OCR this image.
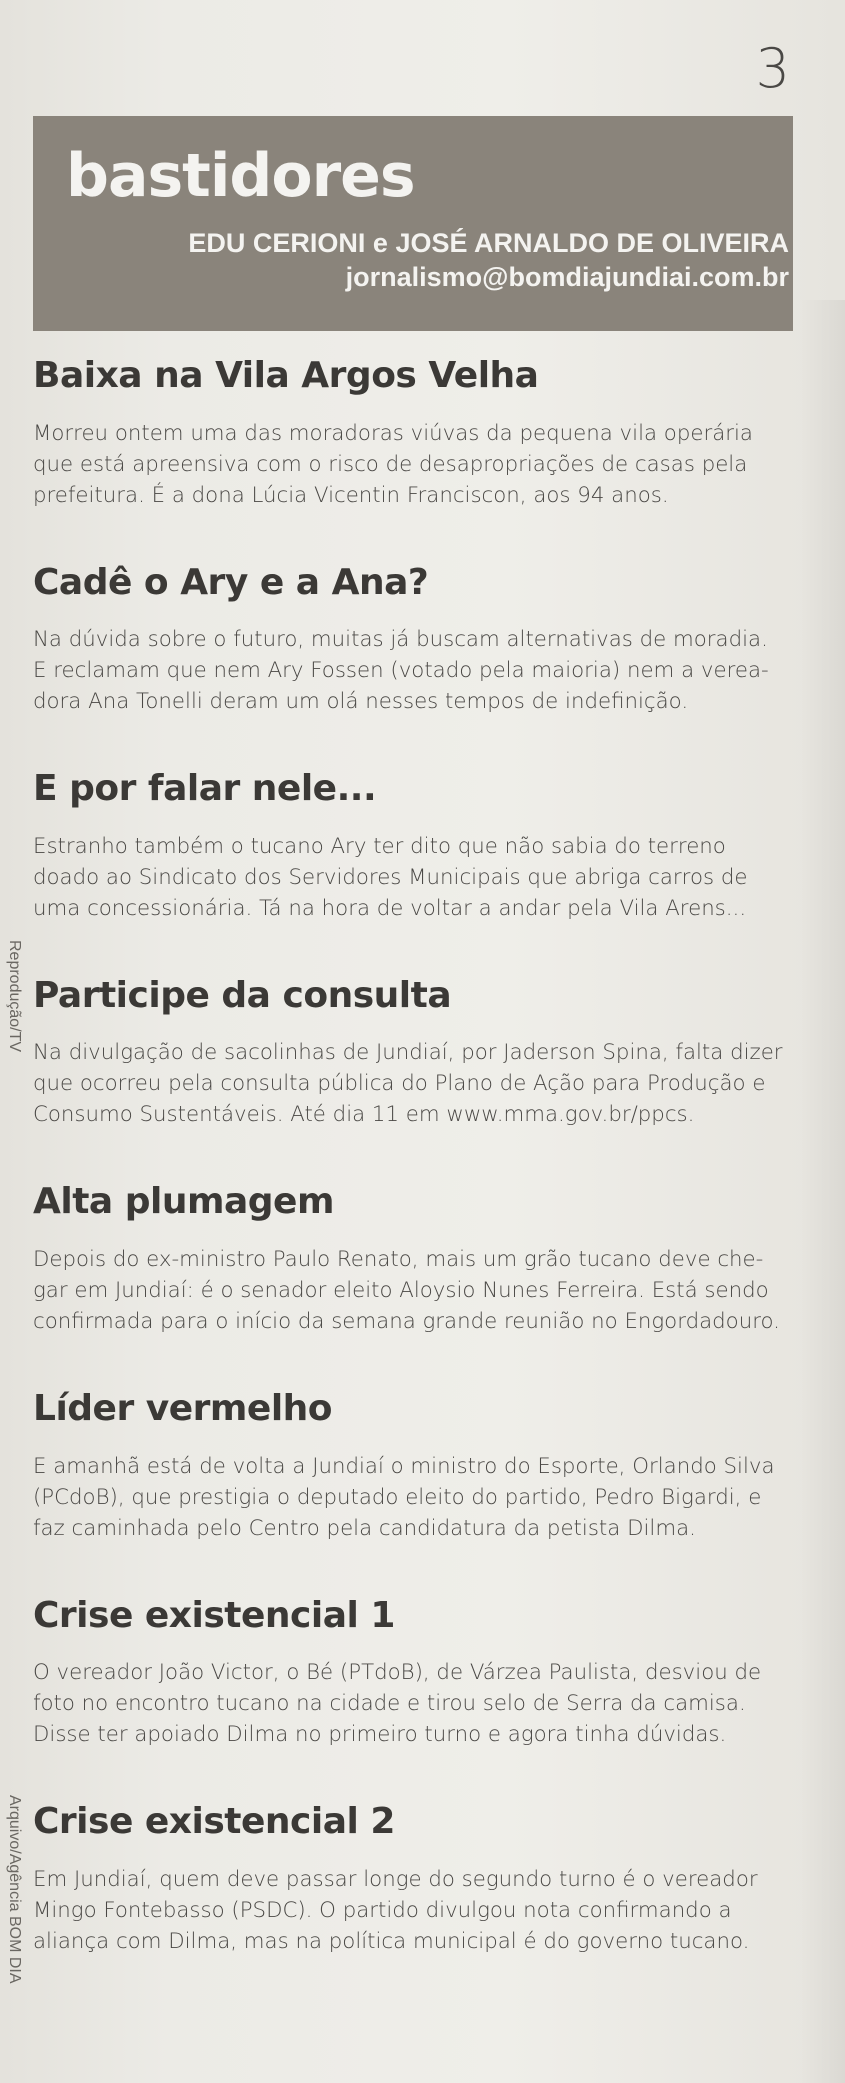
3
bastidores
EDU CERIONI e JOSÉ ARNALDO DE OLIVEIRA
jornalismo@bomdiajundiai.com.br
Reprodução/TV
Arquivo/Agência BOM DIA
Baixa na Vila Argos Velha

Morreu ontem uma das moradoras viúvas da pequena vila operária
que está apreensiva com o risco de desapropriações de casas pela
prefeitura. É a dona Lúcia Vicentin Franciscon, aos 94 anos.

Cadê o Ary e a Ana?

Na dúvida sobre o futuro, muitas já buscam alternativas de moradia.
E reclamam que nem Ary Fossen (votado pela maioria) nem a verea-
dora Ana Tonelli deram um olá nesses tempos de indefinição.

E por falar nele...

Estranho também o tucano Ary ter dito que não sabia do terreno
doado ao Sindicato dos Servidores Municipais que abriga carros de
uma concessionária. Tá na hora de voltar a andar pela Vila Arens...

Participe da consulta

Na divulgação de sacolinhas de Jundiaí, por Jaderson Spina, falta dizer
que ocorreu pela consulta pública do Plano de Ação para Produção e
Consumo Sustentáveis. Até dia 11 em www.mma.gov.br/ppcs.

Alta plumagem

Depois do ex-ministro Paulo Renato, mais um grão tucano deve che-
gar em Jundiaí: é o senador eleito Aloysio Nunes Ferreira. Está sendo
confirmada para o início da semana grande reunião no Engordadouro.

Líder vermelho

E amanhã está de volta a Jundiaí o ministro do Esporte, Orlando Silva
(PCdoB), que prestigia o deputado eleito do partido, Pedro Bigardi, e
faz caminhada pelo Centro pela candidatura da petista Dilma.

Crise existencial 1

O vereador João Victor, o Bé (PTdoB), de Várzea Paulista, desviou de
foto no encontro tucano na cidade e tirou selo de Serra da camisa.
Disse ter apoiado Dilma no primeiro turno e agora tinha dúvidas.

Crise existencial 2

Em Jundiaí, quem deve passar longe do segundo turno é o vereador
Mingo Fontebasso (PSDC). O partido divulgou nota confirmando a
aliança com Dilma, mas na política municipal é do governo tucano.
